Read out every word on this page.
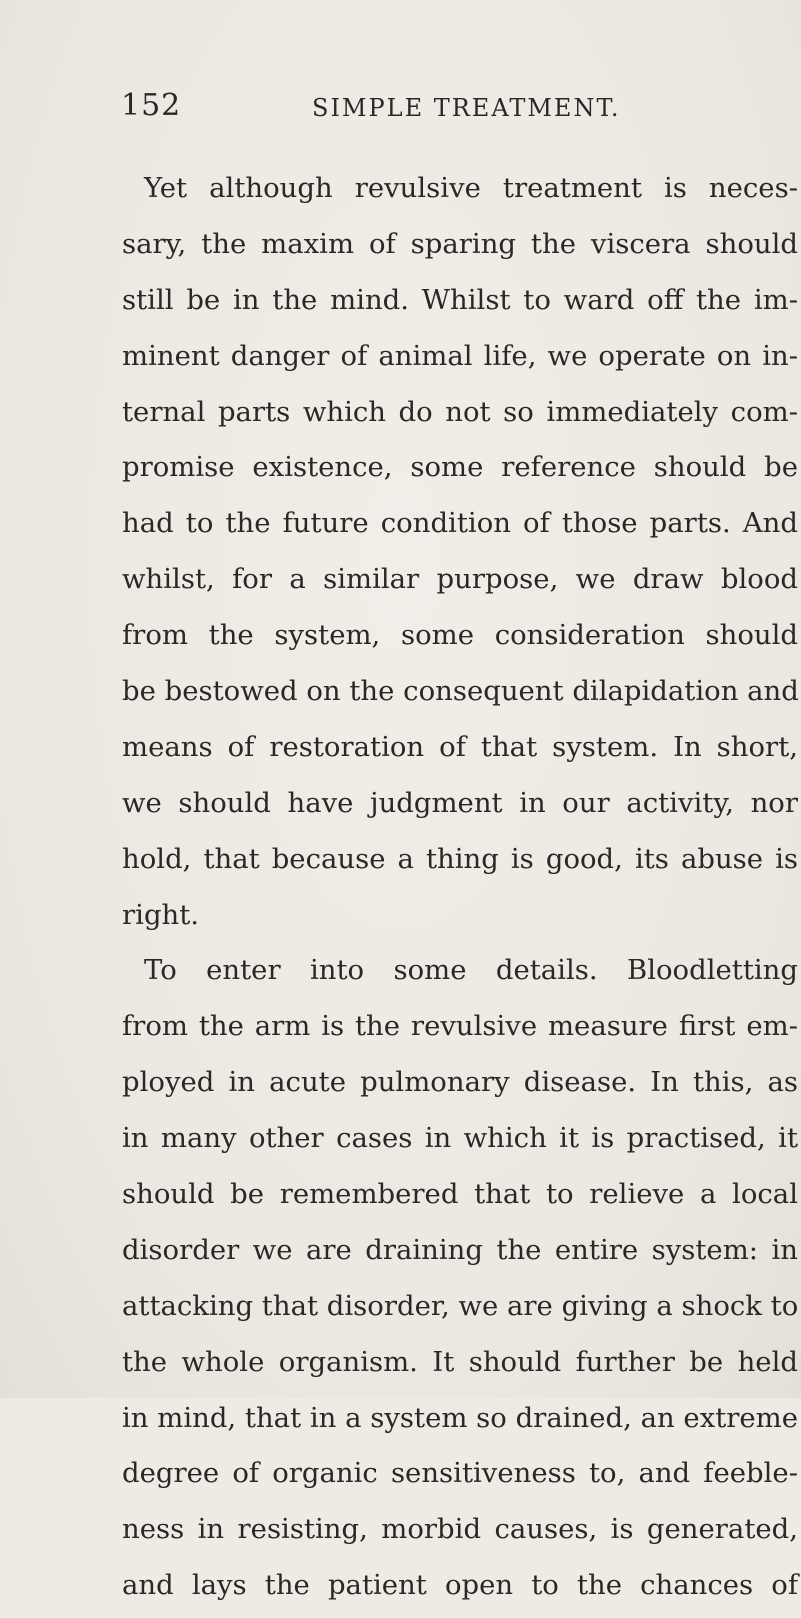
152	SIMPLE TREATMENT.
Yet although revulsive treatment is neces-
sary, the maxim of sparing the viscera should
still be in the mind. Whilst to ward off the im-
minent danger of animal life, we operate on in-
ternal parts which do not so immediately com-
promise existence, some reference should be
had to the future condition of those parts. And
whilst, for a similar purpose, we draw blood
from the system, some consideration should
be bestowed on the consequent dilapidation and
means of restoration of that system. In short,
we should have judgment in our activity, nor
hold, that because a thing is good, its abuse is
right.
To enter into some details. Bloodletting
from the arm is the revulsive measure first em-
ployed in acute pulmonary disease. In this, as
in many other cases in which it is practised, it
should be remembered that to relieve a local
disorder we are draining the entire system: in
attacking that disorder, we are giving a shock to
the whole organism. It should further be held
in mind, that in a system so drained, an extreme
degree of organic sensitiveness to, and feeble-
ness in resisting, morbid causes, is generated,
and lays the patient open to the chances of
